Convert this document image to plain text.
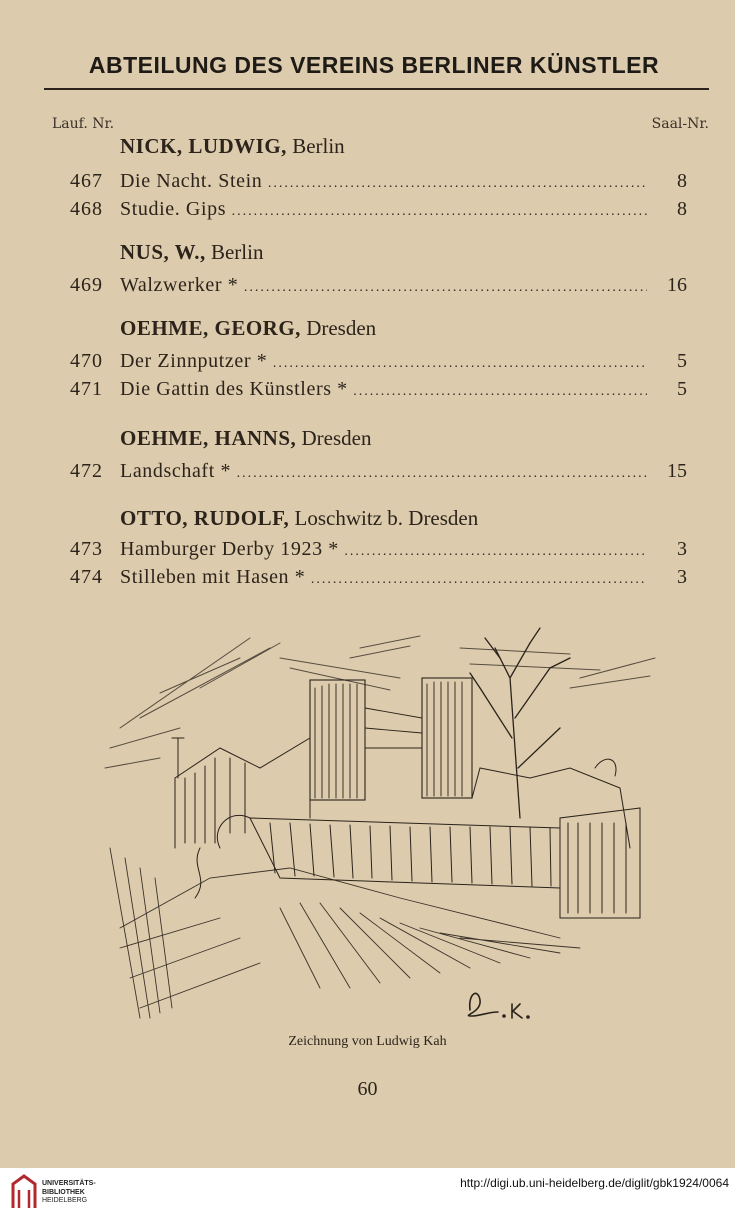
ABTEILUNG DES VEREINS BERLINER KÜNSTLER
Lauf. Nr.	Saal-Nr.
NICK, LUDWIG, Berlin
467 Die Nacht. Stein .....	8
468 Studie. Gips .....	8
NUS, W., Berlin
469 Walzwerker * .....	16
OEHME, GEORG, Dresden
470 Der Zinnputzer * .....	5
471 Die Gattin des Künstlers * .....	5
OEHME, HANNS, Dresden
472 Landschaft * .....	15
OTTO, RUDOLF, Loschwitz b. Dresden
473 Hamburger Derby 1923 * .....	3
474 Stilleben mit Hasen * .....	3
Zeichnung von Ludwig Kah
60
UNIVERSITÄTS-
BIBLIOTHEK
HEIDELBERG
http://digi.ub.uni-heidelberg.de/diglit/gbk1924/0064
